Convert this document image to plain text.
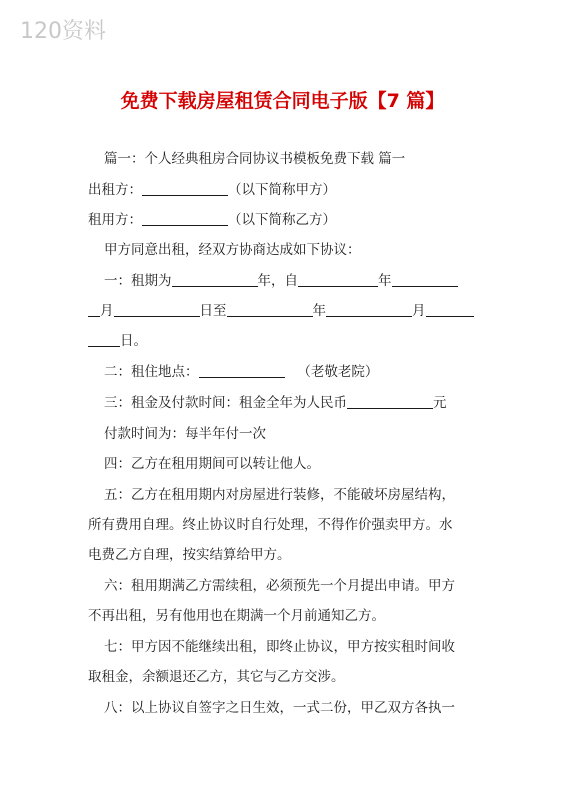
120资料
免费下载房屋租赁合同电子版【7 篇】
篇一：个人经典租房合同协议书模板免费下载 篇一
出租方：	（以下简称甲方）
租用方：	（以下简称乙方）
甲方同意出租，经双方协商达成如下协议：
一：租期为	年，自	年
月	日至	年	月
日。
二：租住地点：	（老敬老院）
三：租金及付款时间：租金全年为人民币	元
付款时间为：每半年付一次
四：乙方在租用期间可以转让他人。
五：乙方在租用期内对房屋进行装修，不能破坏房屋结构，
所有费用自理。终止协议时自行处理，不得作价强卖甲方。水
电费乙方自理，按实结算给甲方。
六：租用期满乙方需续租，必须预先一个月提出申请。甲方
不再出租，另有他用也在期满一个月前通知乙方。
七：甲方因不能继续出租，即终止协议，甲方按实租时间收
取租金，余额退还乙方，其它与乙方交涉。
八：以上协议自签字之日生效，一式二份，甲乙双方各执一
